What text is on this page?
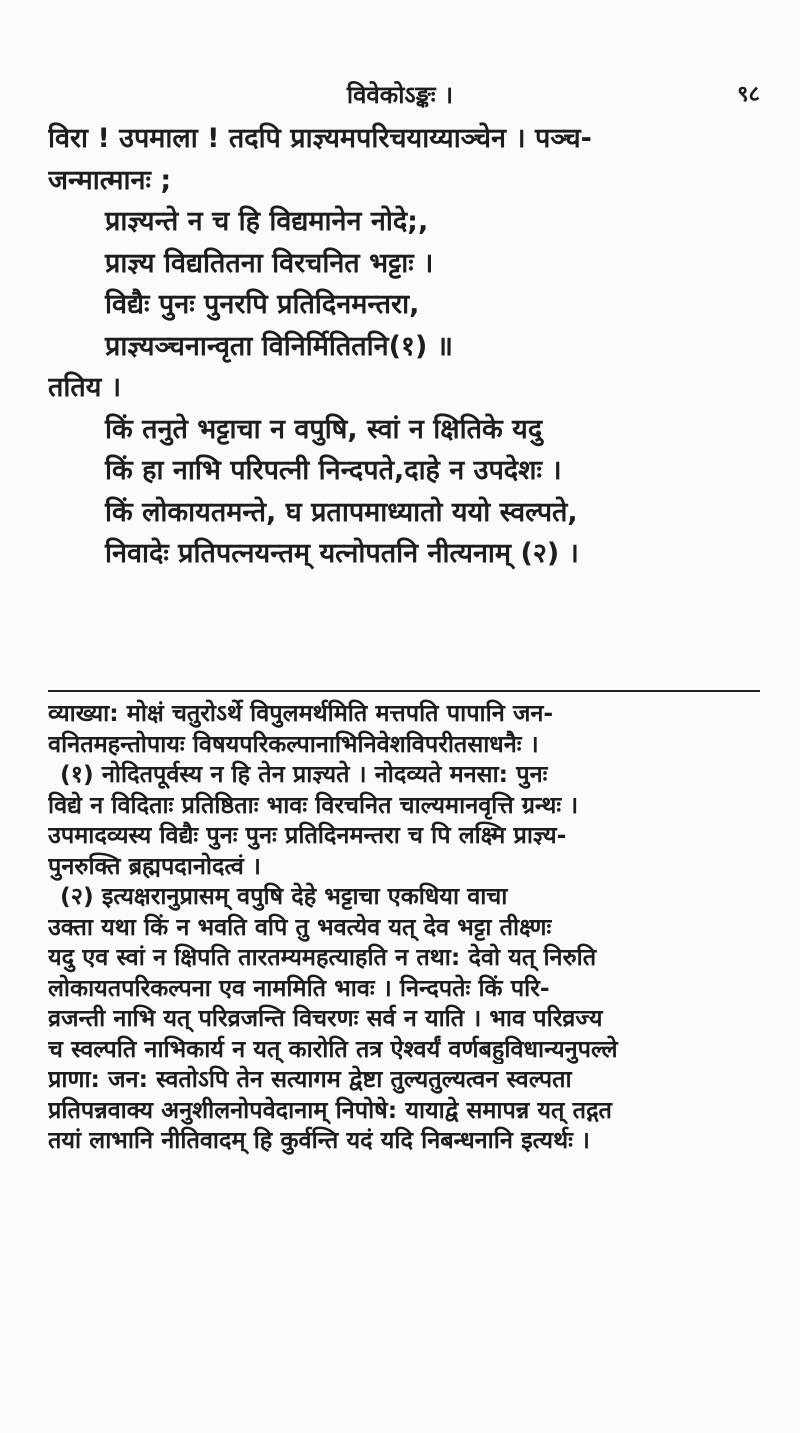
विवेकोऽङ्कः ।	९८
विरा ! उपमाला ! तदपि प्राज्ञ्यमपरिचयाय्याञ्चेन । पञ्च-
जन्मात्मानः ;
प्राज्ञ्यन्ते न च हि विद्यमानेन नोदे;,
प्राज्ञ्य विद्यतितना विरचनित भट्टाः ।
विद्यैः पुनः पुनरपि प्रतिदिनमन्तरा,
प्राज्ञ्यञ्चनान्वृता विनिर्मितितनि(१) ॥
ततिय ।
किं तनुते भट्टाचा न वपुषि, स्वां न क्षितिके यदु
किं हा नाभि परिपत्नी निन्दपते,दाहे न उपदेशः ।
किं लोकायतमन्ते, घ प्रतापमाध्यातो ययो स्वल्पते,
निवादेः प्रतिपत्नयन्तम् यत्नोपतनि नीत्यनाम् (२) ।
व्याख्या: मोक्षं चतुरोऽर्थे विपुलमर्थमिति मत्तपति पापानि जन-
वनितमहन्तोपायः विषयपरिकल्पानाभिनिवेशविपरीतसाधनैः ।
(१) नोदितपूर्वस्य न हि तेन प्राज्ञ्यते । नोदव्यते मनसा: पुनः
विद्ये न विदिताः प्रतिष्ठिताः भावः विरचनित चाल्यमानवृत्ति ग्रन्थः ।
उपमादव्यस्य विद्यैः पुनः पुनः प्रतिदिनमन्तरा च पि लक्ष्मि प्राज्ञ्य-
पुनरुक्ति ब्रह्मपदानोदत्वं ।
(२) इत्यक्षरानुप्रासम् वपुषि देहे भट्टाचा एकधिया वाचा
उक्ता यथा किं न भवति वपि तु भवत्येव यत् देव भट्टा तीक्ष्णः
यदु एव स्वां न क्षिपति तारतम्यमहत्याहति न तथा: देवो यत् निरुति
लोकायतपरिकल्पना एव नाममिति भावः । निन्दपतेः किं परि-
व्रजन्ती नाभि यत् परिव्रजन्ति विचरणः सर्व न याति । भाव परिव्रज्य
च स्वल्पति नाभिकार्य न यत् कारोति तत्र ऐश्वर्यं वर्णबहुविधान्यनुपल्ले
प्राणा: जन: स्वतोऽपि तेन सत्यागम द्वेष्टा तुल्यतुल्यत्वन स्वल्पता
प्रतिपन्नवाक्य अनुशीलनोपवेदानाम् निपोषे: यायाद्वे समापन्न यत् तद्गत
तयां लाभानि नीतिवादम् हि कुर्वन्ति यदं यदि निबन्धनानि इत्यर्थः ।
